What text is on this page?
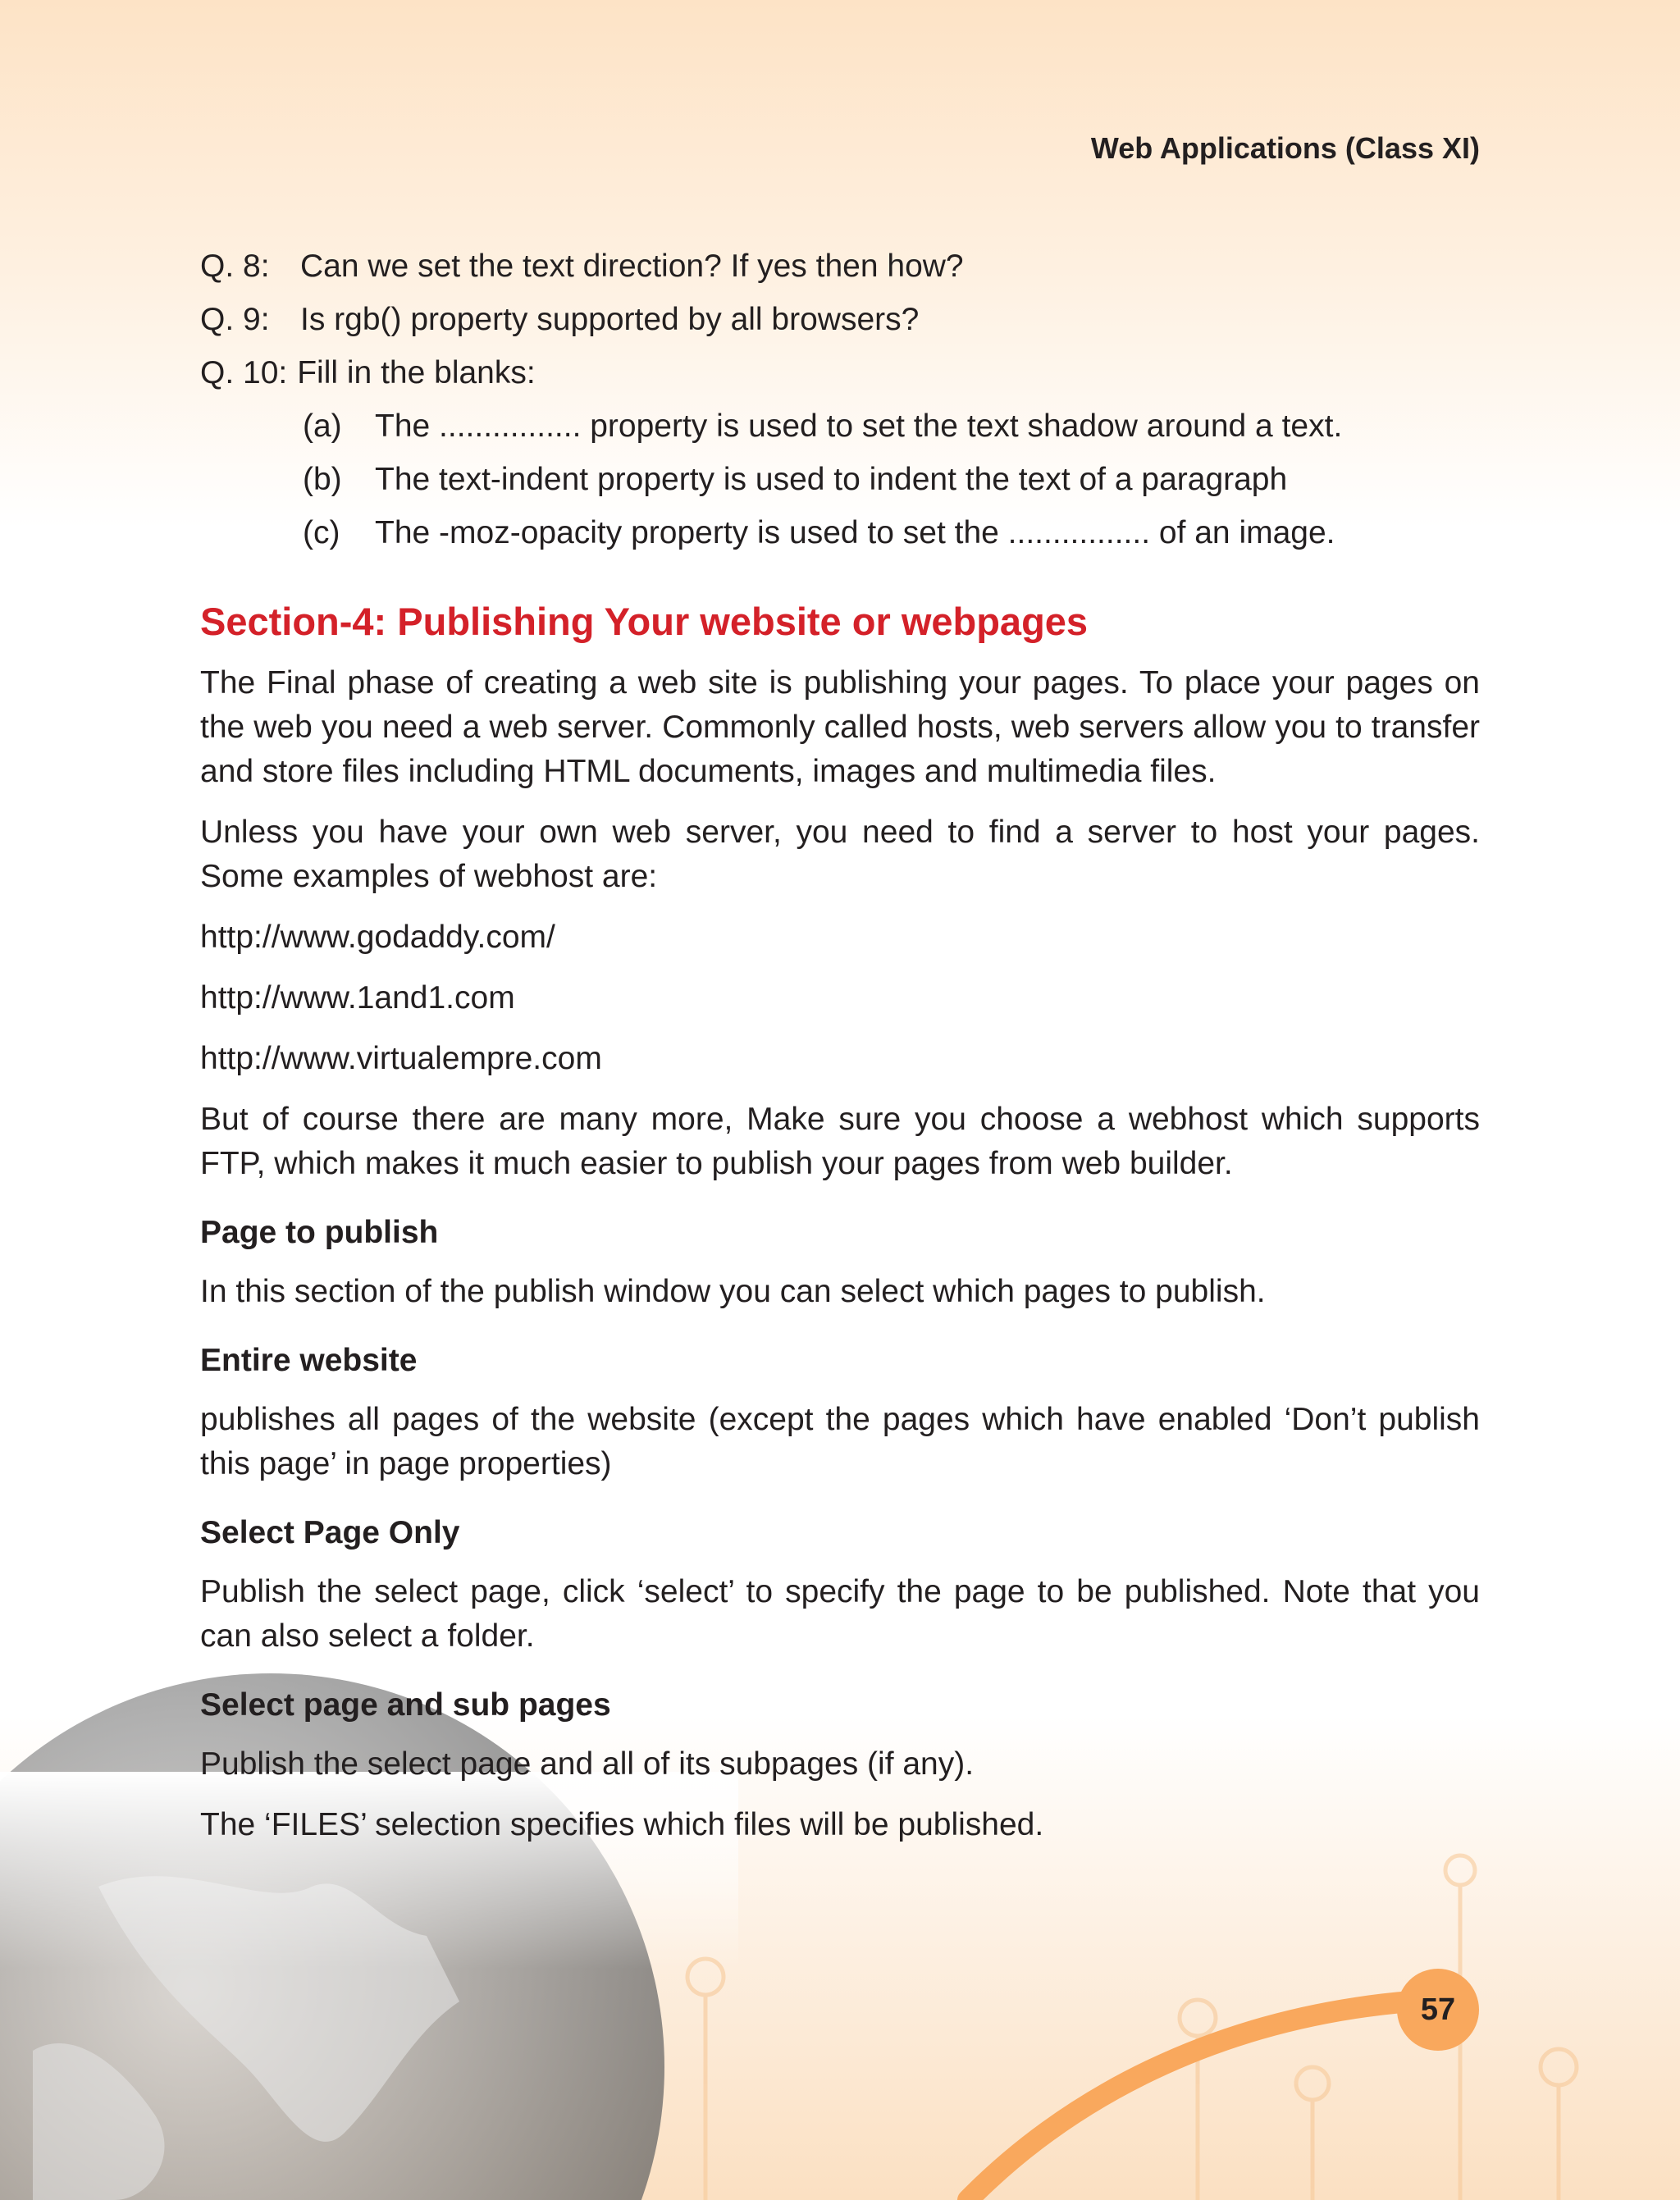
Web Applications (Class XI)
Q. 8: Can we set the text direction? If yes then how?
Q. 9: Is rgb() property supported by all browsers?
Q. 10: Fill in the blanks:
(a)	The ................ property is used to set the text shadow around a text.
(b)	The text-indent property is used to indent the text of a paragraph
(c)	The -moz-opacity property is used to set the ................ of an image.
Section-4: Publishing Your website or webpages

The Final phase of creating a web site is publishing your pages. To place your pages on the web you need a web server. Commonly called hosts, web servers allow you to transfer and store files including HTML documents, images and multimedia files.

Unless you have your own web server, you need to find a server to host your pages. Some examples of webhost are:

http://www.godaddy.com/
http://www.1and1.com
http://www.virtualempre.com

But of course there are many more, Make sure you choose a webhost which supports FTP, which makes it much easier to publish your pages from web builder.

Page to publish

In this section of the publish window you can select which pages to publish.

Entire website

publishes all pages of the website (except the pages which have enabled ‘Don’t publish this page’ in page properties)

Select Page Only

Publish the select page, click ‘select’ to specify the page to be published. Note that you can also select a folder.

Select page and sub pages

Publish the select page and all of its subpages (if any).

The ‘FILES’ selection specifies which files will be published.

57
